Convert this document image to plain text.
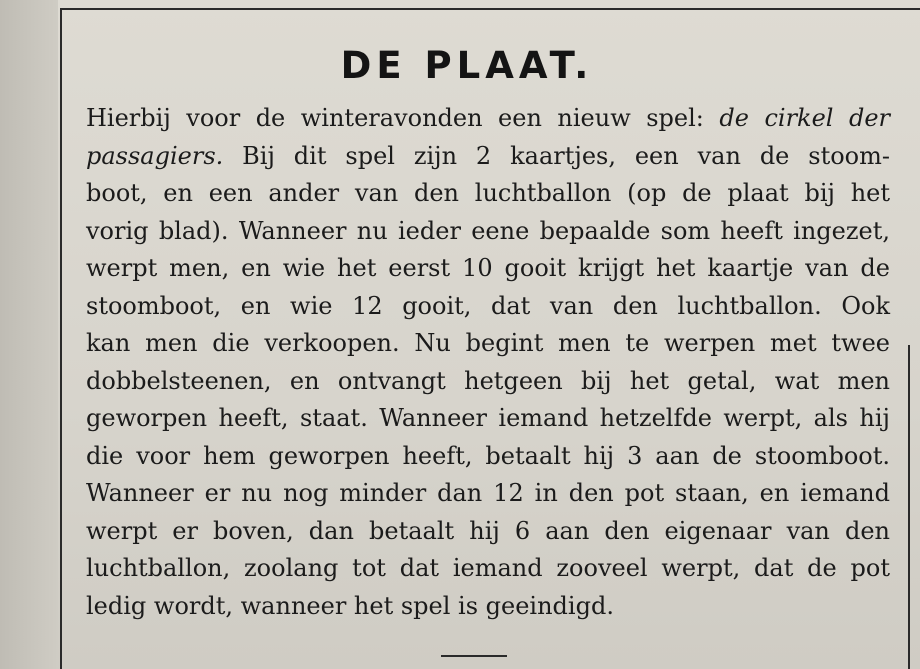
DE PLAAT.
Hierbij voor de winteravonden een nieuw spel: de cirkel der
passagiers. Bij dit spel zijn 2 kaartjes, een van de stoom-
boot, en een ander van den luchtballon (op de plaat bij het
vorig blad). Wanneer nu ieder eene bepaalde som heeft ingezet,
werpt men, en wie het eerst 10 gooit krijgt het kaartje van de
stoomboot, en wie 12 gooit, dat van den luchtballon. Ook
kan men die verkoopen. Nu begint men te werpen met twee
dobbelsteenen, en ontvangt hetgeen bij het getal, wat men
geworpen heeft, staat. Wanneer iemand hetzelfde werpt, als hij
die voor hem geworpen heeft, betaalt hij 3 aan de stoomboot.
Wanneer er nu nog minder dan 12 in den pot staan, en iemand
werpt er boven, dan betaalt hij 6 aan den eigenaar van den
luchtballon, zoolang tot dat iemand zooveel werpt, dat de pot
ledig wordt, wanneer het spel is geeindigd.
